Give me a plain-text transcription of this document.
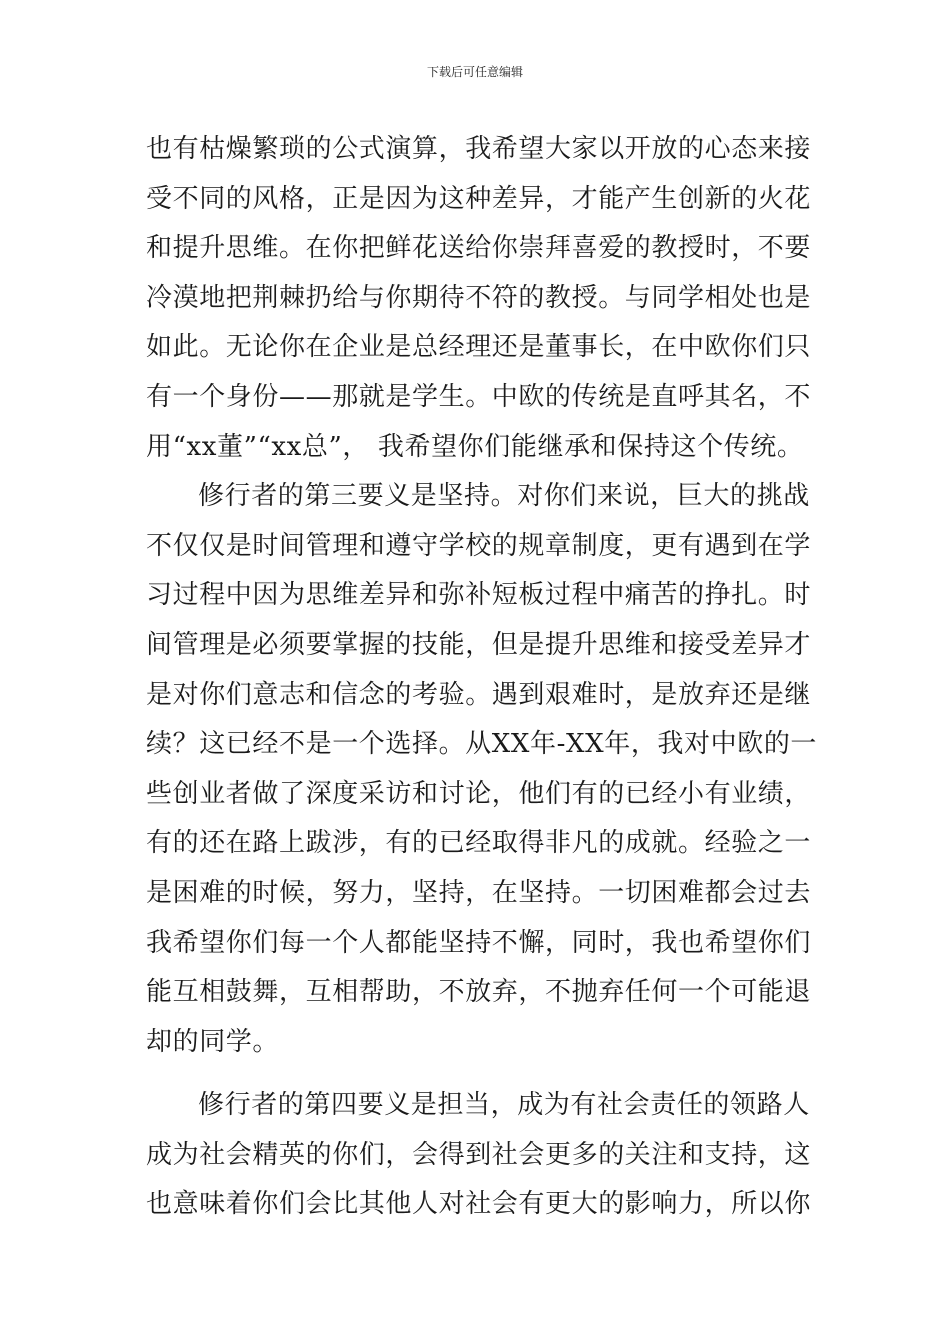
下载后可任意编辑
也有枯燥繁琐的公式演算，我希望大家以开放的心态来接
受不同的风格，正是因为这种差异，才能产生创新的火花
和提升思维。在你把鲜花送给你崇拜喜爱的教授时，不要
冷漠地把荆棘扔给与你期待不符的教授。与同学相处也是
如此。无论你在企业是总经理还是董事长，在中欧你们只
有一个身份——那就是学生。中欧的传统是直呼其名，不
用“xx董”“xx总”， 我希望你们能继承和保持这个传统。
修行者的第三要义是坚持。对你们来说，巨大的挑战
不仅仅是时间管理和遵守学校的规章制度，更有遇到在学
习过程中因为思维差异和弥补短板过程中痛苦的挣扎。时
间管理是必须要掌握的技能，但是提升思维和接受差异才
是对你们意志和信念的考验。遇到艰难时，是放弃还是继
续？这已经不是一个选择。从XX年-XX年，我对中欧的一
些创业者做了深度采访和讨论，他们有的已经小有业绩，
有的还在路上跋涉，有的已经取得非凡的成就。经验之一
是困难的时候，努力，坚持，在坚持。一切困难都会过去
我希望你们每一个人都能坚持不懈，同时，我也希望你们
能互相鼓舞，互相帮助，不放弃，不抛弃任何一个可能退
却的同学。
修行者的第四要义是担当，成为有社会责任的领路人
成为社会精英的你们，会得到社会更多的关注和支持，这
也意味着你们会比其他人对社会有更大的影响力，所以你
